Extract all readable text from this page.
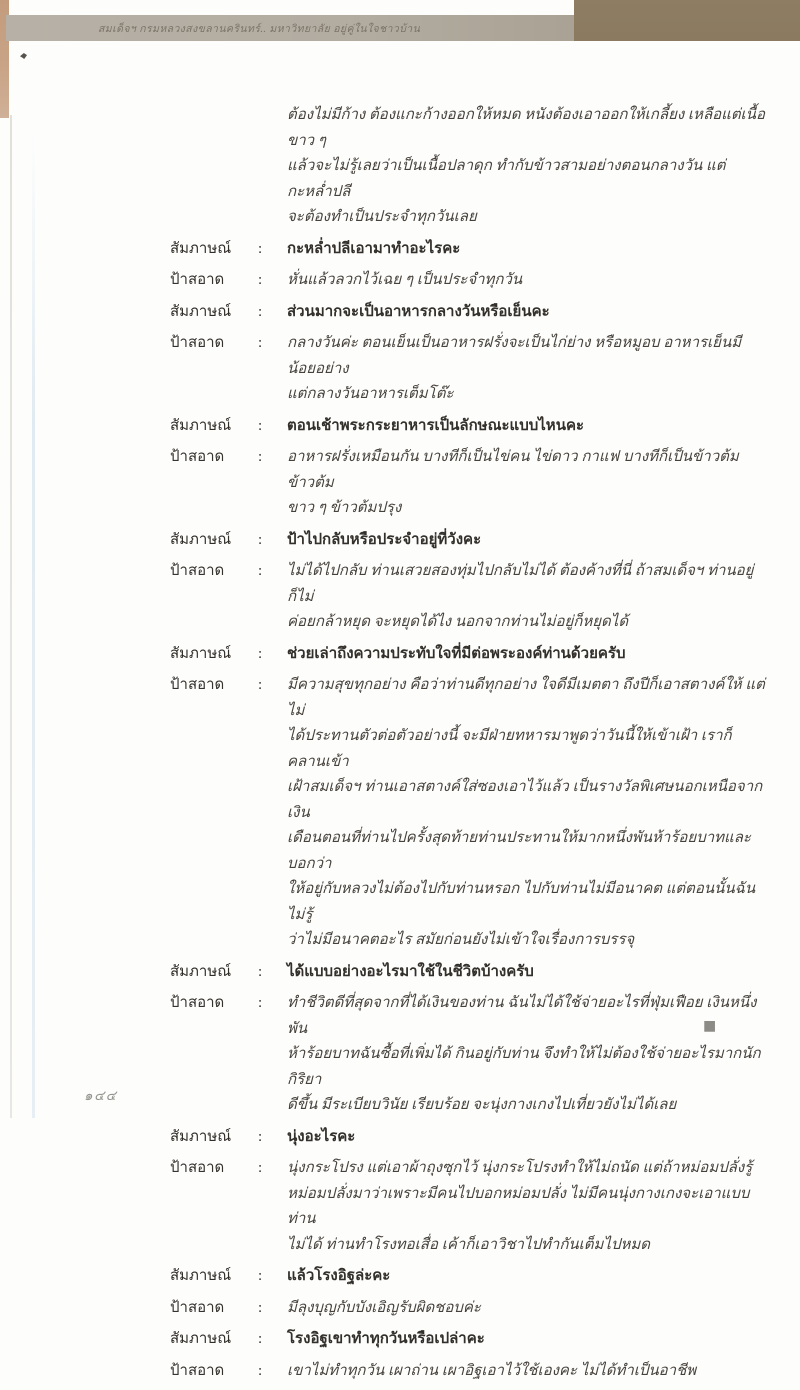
สมเด็จฯ กรมหลวงสงขลานครินทร์.. มหาวิทยาลัย อยู่คู่ในใจชาวบ้าน
ต้องไม่มีก้าง ต้องแกะก้างออกให้หมด หนังต้องเอาออกให้เกลี้ยง เหลือแต่เนื้อขาว ๆ
แล้วจะไม่รู้เลยว่าเป็นเนื้อปลาดุก ทำกับข้าวสามอย่างตอนกลางวัน แต่กะหล่ำปลี
จะต้องทำเป็นประจำทุกวันเลย
สัมภาษณ์	:	กะหล่ำปลีเอามาทำอะไรคะ
ป้าสอาด	:	หั่นแล้วลวกไว้เฉย ๆ เป็นประจำทุกวัน
สัมภาษณ์	:	ส่วนมากจะเป็นอาหารกลางวันหรือเย็นคะ
ป้าสอาด	:	กลางวันค่ะ ตอนเย็นเป็นอาหารฝรั่งจะเป็นไก่ย่าง หรือหมูอบ อาหารเย็นมีน้อยอย่าง
แต่กลางวันอาหารเต็มโต๊ะ
สัมภาษณ์	:	ตอนเช้าพระกระยาหารเป็นลักษณะแบบไหนคะ
ป้าสอาด	:	อาหารฝรั่งเหมือนกัน บางทีก็เป็นไข่คน ไข่ดาว กาแฟ บางทีก็เป็นข้าวต้ม ข้าวต้ม
ขาว ๆ ข้าวต้มปรุง
สัมภาษณ์	:	ป้าไปกลับหรือประจำอยู่ที่วังคะ
ป้าสอาด	:	ไม่ได้ไปกลับ ท่านเสวยสองทุ่มไปกลับไม่ได้ ต้องค้างที่นี่ ถ้าสมเด็จฯ ท่านอยู่ ก็ไม่
ค่อยกล้าหยุด จะหยุดได้ไง นอกจากท่านไม่อยู่ก็หยุดได้
สัมภาษณ์	:	ช่วยเล่าถึงความประทับใจที่มีต่อพระองค์ท่านด้วยครับ
ป้าสอาด	:	มีความสุขทุกอย่าง คือว่าท่านดีทุกอย่าง ใจดีมีเมตตา ถึงปีก็เอาสตางค์ให้ แต่ไม่
ได้ประทานตัวต่อตัวอย่างนี้ จะมีฝ่ายทหารมาพูดว่าวันนี้ให้เข้าเฝ้า เราก็คลานเข้า
เฝ้าสมเด็จฯ ท่านเอาสตางค์ใส่ซองเอาไว้แล้ว เป็นรางวัลพิเศษนอกเหนือจากเงิน
เดือนตอนที่ท่านไปครั้งสุดท้ายท่านประทานให้มากหนึ่งพันห้าร้อยบาทและบอกว่า
ให้อยู่กับหลวงไม่ต้องไปกับท่านหรอก ไปกับท่านไม่มีอนาคต แต่ตอนนั้นฉันไม่รู้
ว่าไม่มีอนาคตอะไร สมัยก่อนยังไม่เข้าใจเรื่องการบรรจุ
สัมภาษณ์	:	ได้แบบอย่างอะไรมาใช้ในชีวิตบ้างครับ
ป้าสอาด	:	ทำชีวิตดีที่สุดจากที่ได้เงินของท่าน ฉันไม่ได้ใช้จ่ายอะไรที่ฟุ่มเฟือย เงินหนึ่งพัน
ห้าร้อยบาทฉันซื้อที่เพิ่มได้ กินอยู่กับท่าน จึงทำให้ไม่ต้องใช้จ่ายอะไรมากนัก กิริยา
ดีขึ้น มีระเบียบวินัย เรียบร้อย จะนุ่งกางเกงไปเที่ยวยังไม่ได้เลย
สัมภาษณ์	:	นุ่งอะไรคะ
ป้าสอาด	:	นุ่งกระโปรง แต่เอาผ้าถุงซุกไว้ นุ่งกระโปรงทำให้ไม่ถนัด แต่ถ้าหม่อมปลั่งรู้
หม่อมปลั่งมาว่าเพราะมีคนไปบอกหม่อมปลั่ง ไม่มีคนนุ่งกางเกงจะเอาแบบท่าน
ไม่ได้ ท่านทำโรงทอเสื่อ เค้าก็เอาวิชาไปทำกันเต็มไปหมด
สัมภาษณ์	:	แล้วโรงอิฐล่ะคะ
ป้าสอาด	:	มีลุงบุญกับบังเอิญรับผิดชอบค่ะ
สัมภาษณ์	:	โรงอิฐเขาทำทุกวันหรือเปล่าคะ
ป้าสอาด	:	เขาไม่ทำทุกวัน เผาถ่าน เผาอิฐเอาไว้ใช้เองคะ ไม่ได้ทำเป็นอาชีพ
■
๑๔๔
